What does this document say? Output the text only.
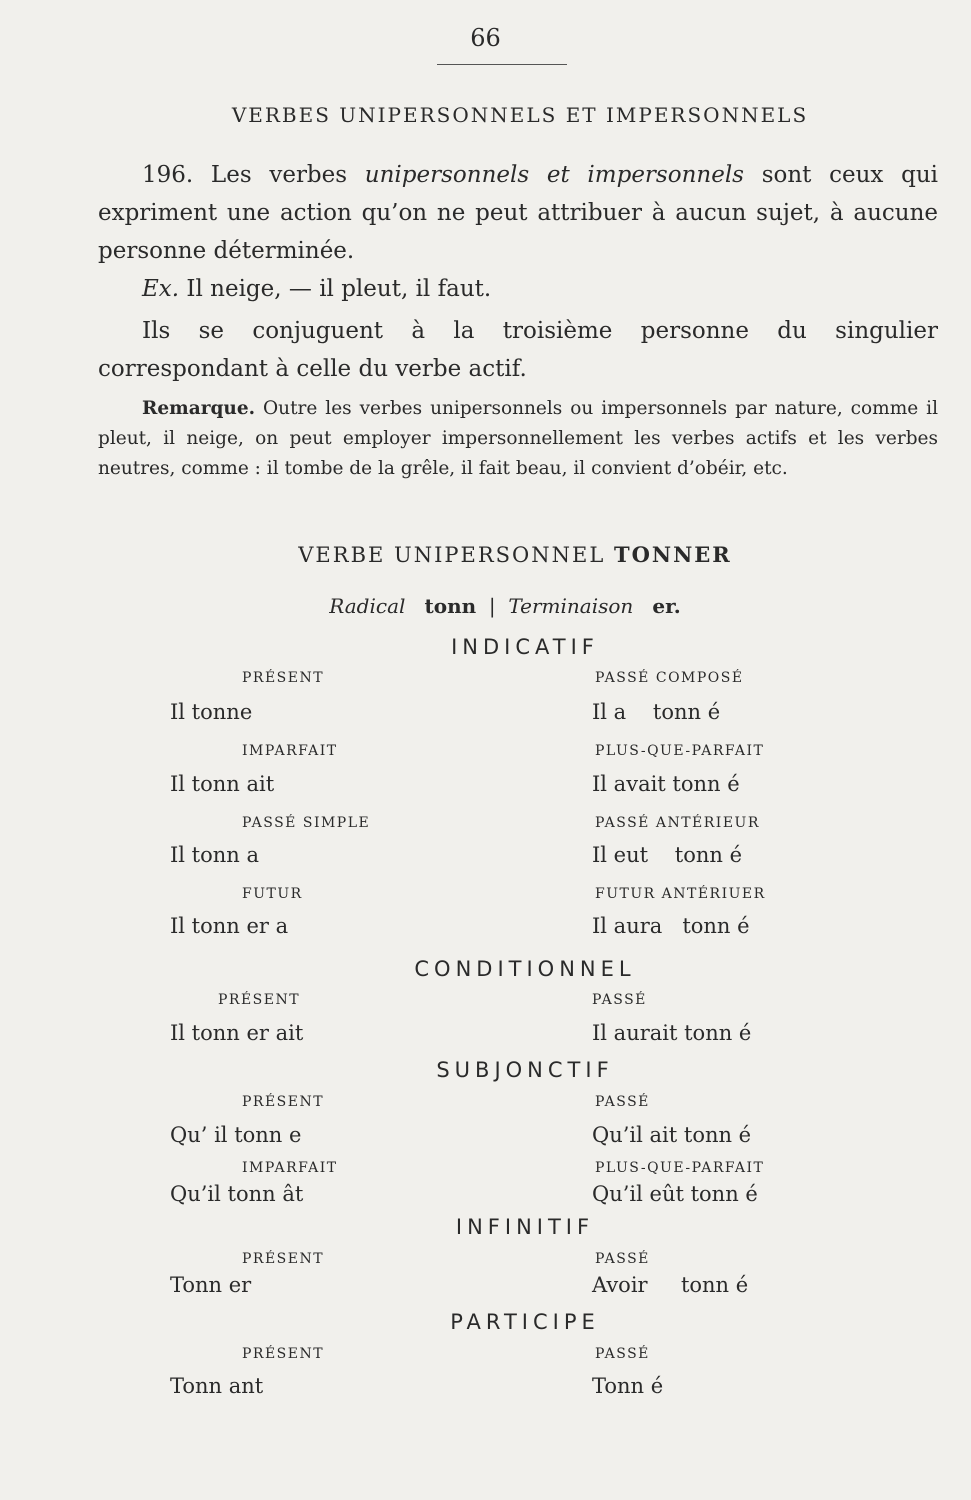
66
VERBES UNIPERSONNELS ET IMPERSONNELS
196. Les verbes unipersonnels et impersonnels sont ceux qui expriment une action qu’on ne peut attribuer à aucun sujet, à aucune personne déterminée.
Ex. Il neige, — il pleut, il faut.
Ils se conjuguent à la troisième personne du singulier correspondant à celle du verbe actif.
Remarque. Outre les verbes unipersonnels ou impersonnels par nature, comme il pleut, il neige, on peut employer impersonnellement les verbes actifs et les verbes neutres, comme : il tombe de la grêle, il fait beau, il convient d’obéir, etc.
VERBE UNIPERSONNEL TONNER
Radical tonn | Terminaison er.
INDICATIF
PRÉSENT
Il tonne
PASSÉ COMPOSÉ
Il a    tonn é
IMPARFAIT
Il tonn ait
PLUS-QUE-PARFAIT
Il avait tonn é
PASSÉ SIMPLE
Il tonn a
PASSÉ ANTÉRIEUR
Il eut    tonn é
FUTUR
Il tonn er a
FUTUR ANTÉRIUER
Il aura   tonn é
CONDITIONNEL
PRÉSENT
Il tonn er ait
PASSÉ
Il aurait tonn é
SUBJONCTIF
PRÉSENT
Qu’ il tonn e
PASSÉ
Qu’il ait tonn é
IMPARFAIT
Qu’il tonn ât
PLUS-QUE-PARFAIT
Qu’il eût tonn é
INFINITIF
PRÉSENT
Tonn er
PASSÉ
Avoir     tonn é
PARTICIPE
PRÉSENT
Tonn ant
PASSÉ
Tonn é
